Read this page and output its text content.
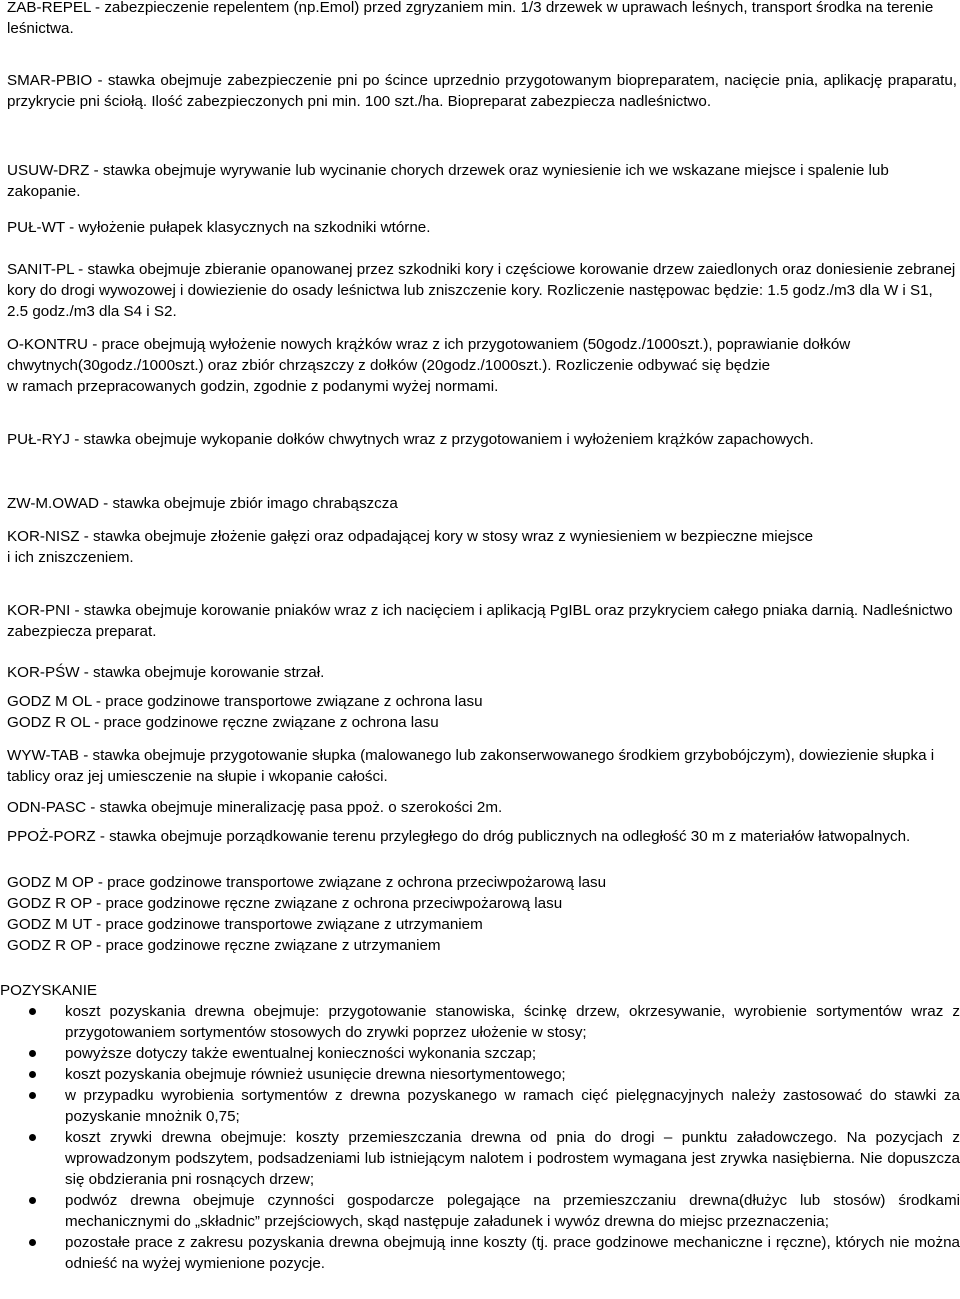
ZAB-REPEL - zabezpieczenie repelentem (np.Emol) przed zgryzaniem min. 1/3 drzewek w uprawach leśnych, transport środka na terenie leśnictwa.

SMAR-PBIO - stawka obejmuje zabezpieczenie pni po ścince uprzednio przygotowanym biopreparatem, nacięcie pnia, aplikację praparatu, przykrycie pni ściołą. Ilość zabezpieczonych pni min. 100 szt./ha. Biopreparat zabezpiecza nadleśnictwo.

USUW-DRZ - stawka obejmuje wyrywanie lub wycinanie chorych drzewek oraz wyniesienie ich we wskazane miejsce i spalenie lub zakopanie.

PUŁ-WT - wyłożenie pułapek klasycznych na szkodniki wtórne.

SANIT-PL - stawka obejmuje zbieranie opanowanej przez szkodniki kory i częściowe korowanie drzew zaiedlonych oraz doniesienie zebranej kory do drogi wywozowej i dowiezienie do osady leśnictwa lub zniszczenie kory. Rozliczenie następowac będzie: 1.5 godz./m3 dla W i S1, 2.5 godz./m3 dla S4 i S2.

O-KONTRU - prace obejmują wyłożenie nowych krążków wraz z ich przygotowaniem (50godz./1000szt.), poprawianie dołków chwytnych(30godz./1000szt.) oraz zbiór chrząszczy z dołków (20godz./1000szt.). Rozliczenie odbywać się będzie
w ramach przepracowanych godzin, zgodnie z podanymi wyżej normami.

PUŁ-RYJ - stawka obejmuje wykopanie dołków chwytnych wraz z przygotowaniem i wyłożeniem krążków zapachowych.

ZW-M.OWAD - stawka obejmuje zbiór imago chrabąszcza

KOR-NISZ - stawka obejmuje złożenie gałęzi oraz odpadającej kory w stosy wraz z wyniesieniem w bezpieczne miejsce
i ich zniszczeniem.

KOR-PNI - stawka obejmuje korowanie pniaków wraz z ich nacięciem i aplikacją PgIBL oraz przykryciem całego pniaka darnią. Nadleśnictwo zabezpiecza preparat.

KOR-PŚW - stawka obejmuje korowanie strzał.

GODZ M OL - prace godzinowe transportowe związane z ochrona lasu
GODZ R OL - prace godzinowe ręczne związane z ochrona lasu

WYW-TAB - stawka obejmuje przygotowanie słupka (malowanego lub zakonserwowanego środkiem grzybobójczym), dowiezienie słupka i tablicy oraz jej umiesczenie na słupie i wkopanie całości.

ODN-PASC - stawka obejmuje mineralizację pasa ppoż. o szerokości 2m.

PPOŻ-PORZ - stawka obejmuje porządkowanie terenu przyległego do dróg publicznych na odległość 30 m z materiałów łatwopalnych.

GODZ M OP - prace godzinowe transportowe związane z ochrona przeciwpożarową lasu
GODZ R OP - prace godzinowe ręczne związane z ochrona przeciwpożarową lasu
GODZ M UT - prace godzinowe transportowe związane z utrzymaniem
GODZ R OP - prace godzinowe ręczne związane z utrzymaniem

POZYSKANIE

koszt pozyskania drewna obejmuje: przygotowanie stanowiska, ścinkę drzew, okrzesywanie, wyrobienie sortymentów wraz z przygotowaniem sortymentów stosowych do zrywki poprzez ułożenie w stosy;
powyższe dotyczy także ewentualnej konieczności wykonania szczap;
koszt pozyskania obejmuje również usunięcie drewna niesortymentowego;
w przypadku wyrobienia sortymentów z drewna pozyskanego w ramach cięć pielęgnacyjnych należy zastosować do stawki za pozyskanie mnożnik 0,75;
koszt zrywki drewna obejmuje: koszty przemieszczania drewna od pnia do drogi – punktu załadowczego. Na pozycjach z wprowadzonym podszytem, podsadzeniami lub istniejącym nalotem i podrostem wymagana jest zrywka nasiębierna. Nie dopuszcza się obdzierania pni rosnących drzew;
podwóz drewna obejmuje czynności gospodarcze polegające na przemieszczaniu drewna(dłużyc lub stosów) środkami mechanicznymi do „składnic” przejściowych, skąd następuje załadunek i wywóz drewna do miejsc przeznaczenia;
pozostałe prace z zakresu pozyskania drewna obejmują inne koszty (tj. prace godzinowe mechaniczne i ręczne), których nie można odnieść na wyżej wymienione pozycje.
